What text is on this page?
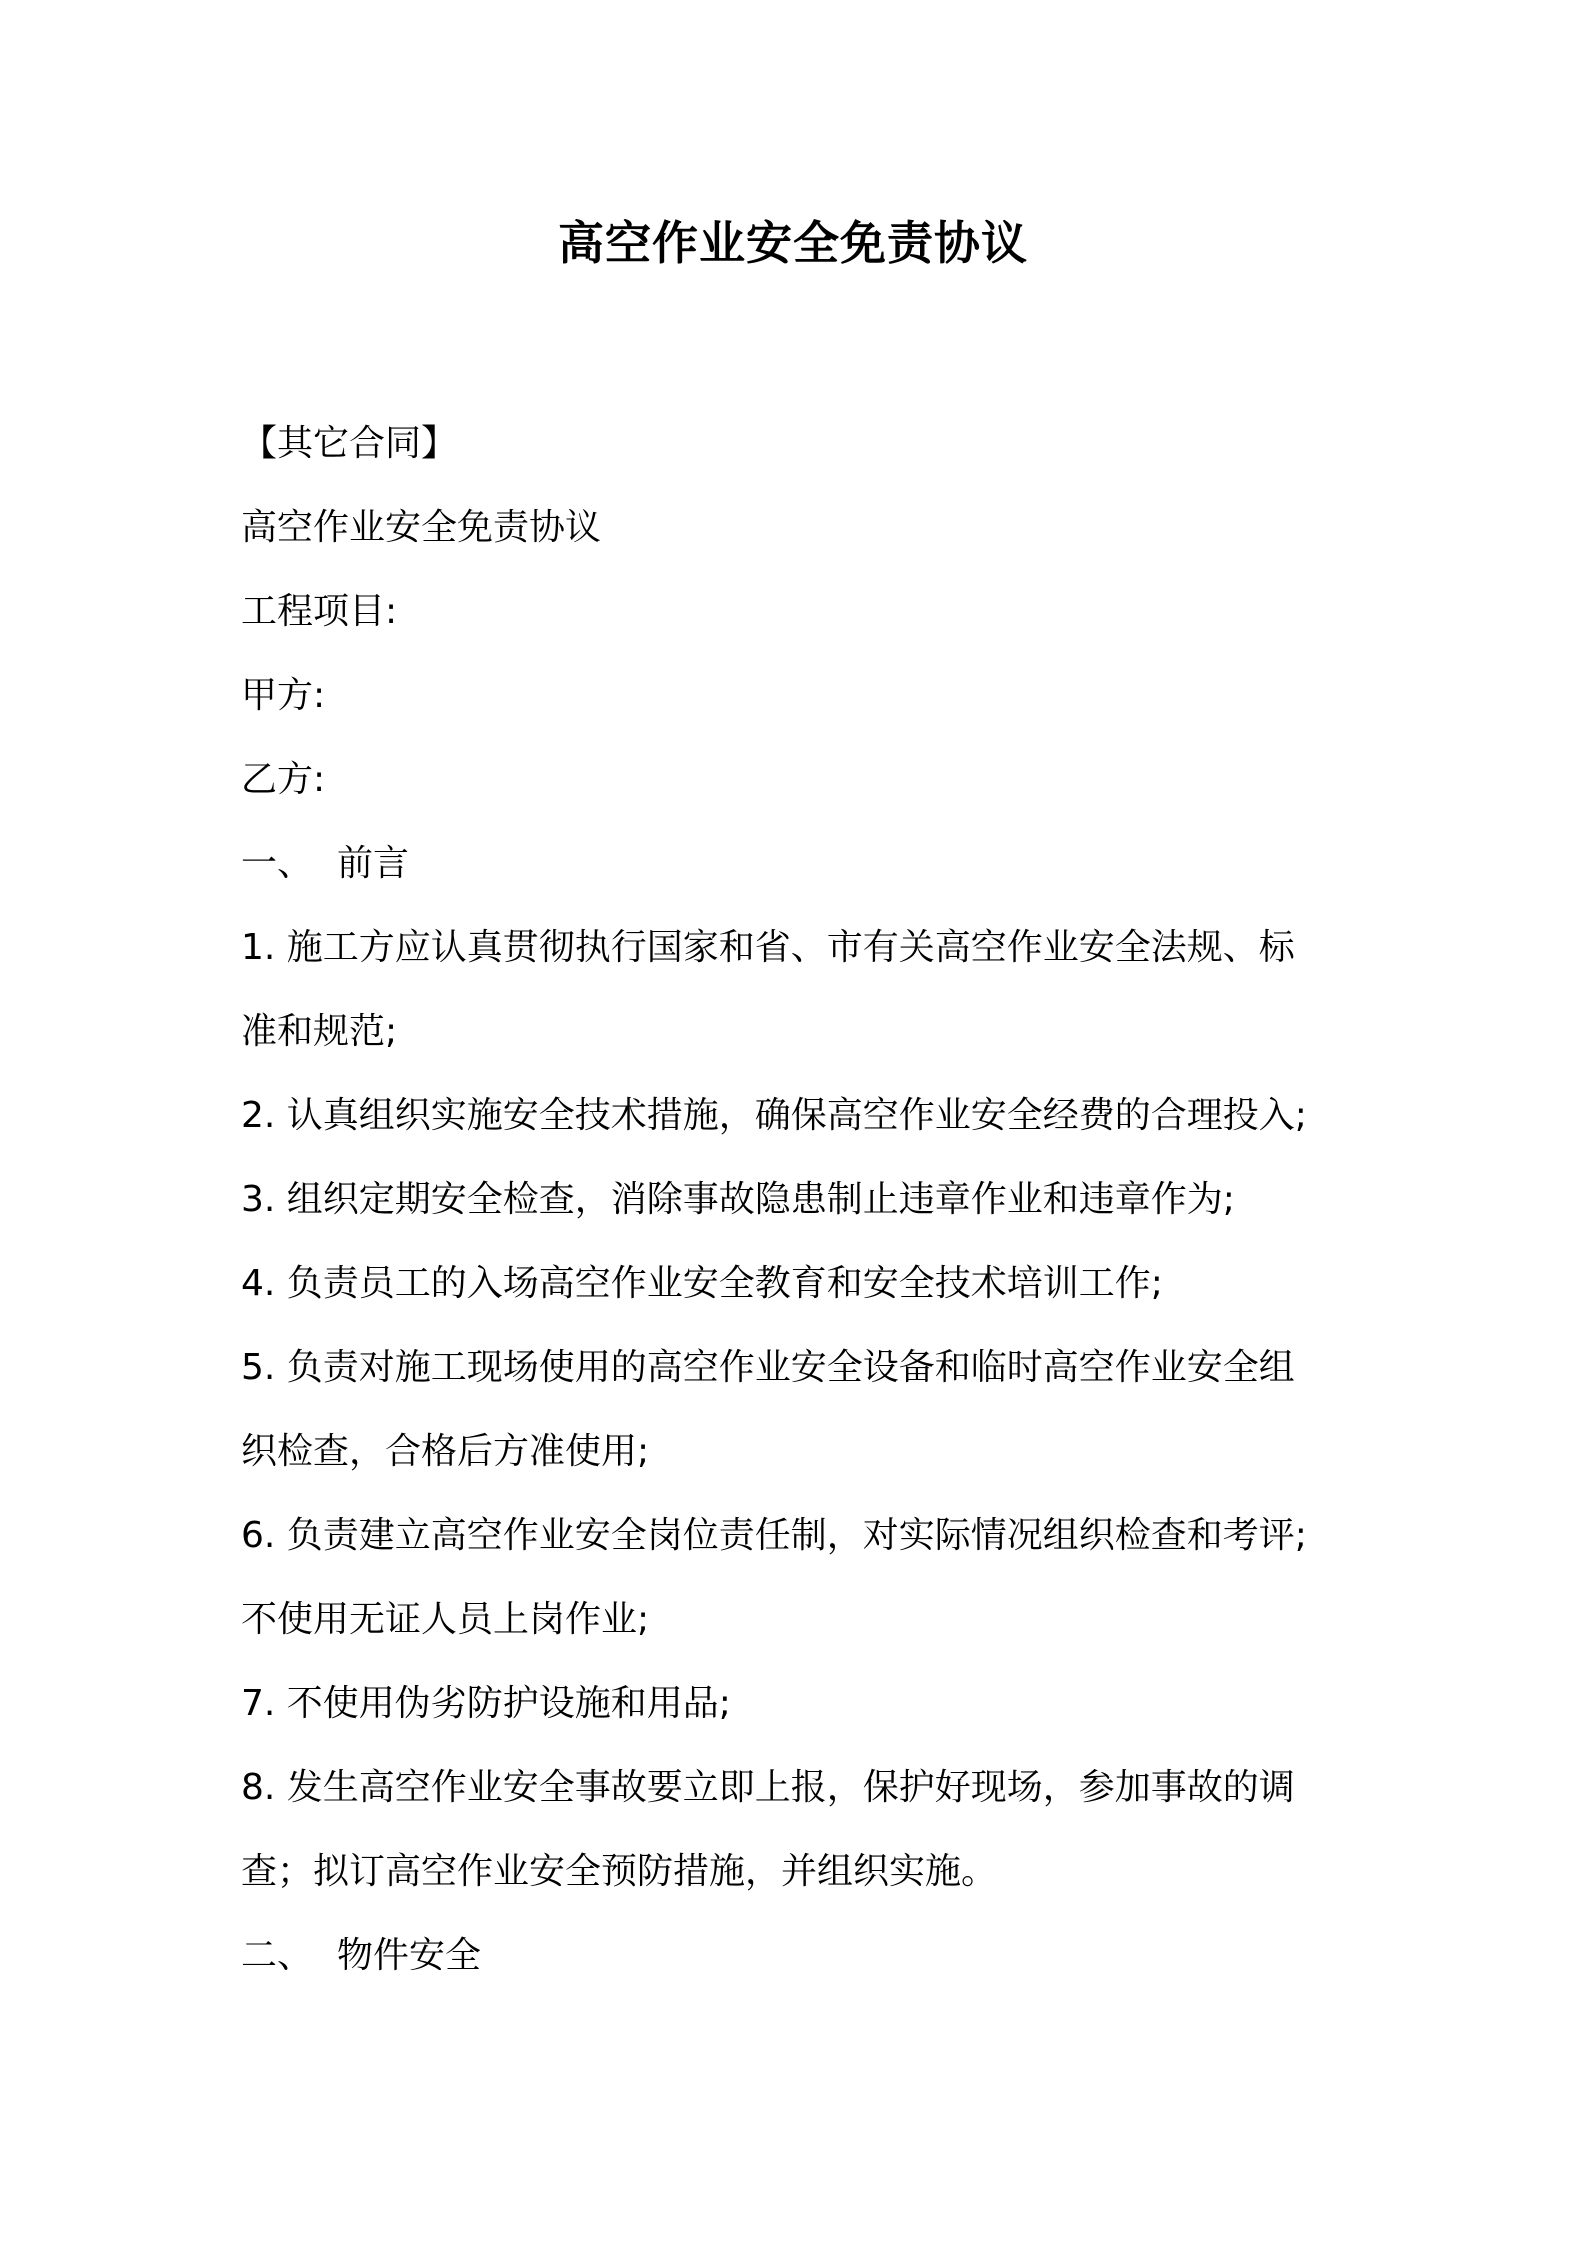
高空作业安全免责协议
【其它合同】
高空作业安全免责协议
工程项目:
甲方:
乙方:
一、 前言
1. 施工方应认真贯彻执行国家和省、市有关高空作业安全法规、标
准和规范;
2. 认真组织实施安全技术措施，确保高空作业安全经费的合理投入;
3. 组织定期安全检查，消除事故隐患制止违章作业和违章作为;
4. 负责员工的入场高空作业安全教育和安全技术培训工作;
5. 负责对施工现场使用的高空作业安全设备和临时高空作业安全组
织检查，合格后方准使用;
6. 负责建立高空作业安全岗位责任制，对实际情况组织检查和考评;
不使用无证人员上岗作业;
7. 不使用伪劣防护设施和用品;
8. 发生高空作业安全事故要立即上报，保护好现场，参加事故的调
查；拟订高空作业安全预防措施，并组织实施。
二、 物件安全
